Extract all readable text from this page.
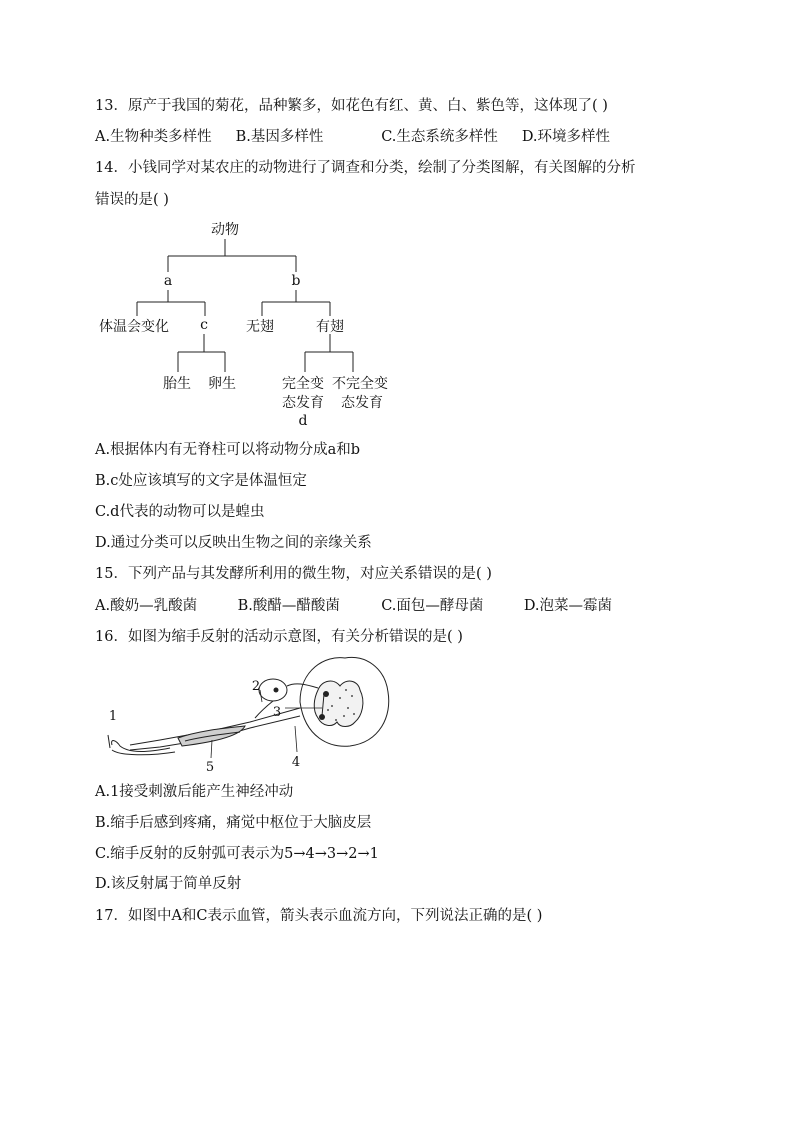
13．原产于我国的菊花，品种繁多，如花色有红、黄、白、紫色等，这体现了( )
A.生物种类多样性 B.基因多样性	C.生态系统多样性 D.环境多样性
14．小钱同学对某农庄的动物进行了调查和分类，绘制了分类图解，有关图解的分析
错误的是( )
动物
a	b
体温会变化 c	无翅	有翅
胎生 卵生	完全变
态发育
d
不完全变
态发育
A.根据体内有无脊柱可以将动物分成a和b
B.c处应该填写的文字是体温恒定
C.d代表的动物可以是蝗虫
D.通过分类可以反映出生物之间的亲缘关系
15．下列产品与其发酵所利用的微生物，对应关系错误的是( )
A.酸奶—乳酸菌	B.酸醋—醋酸菌	C.面包—酵母菌	D.泡菜—霉菌
16．如图为缩手反射的活动示意图，有关分析错误的是( )
1
2
3
4
5
A.1接受刺激后能产生神经冲动
B.缩手后感到疼痛，痛觉中枢位于大脑皮层
C.缩手反射的反射弧可表示为5→4→3→2→1
D.该反射属于简单反射
17．如图中A和C表示血管，箭头表示血流方向，下列说法正确的是( )
